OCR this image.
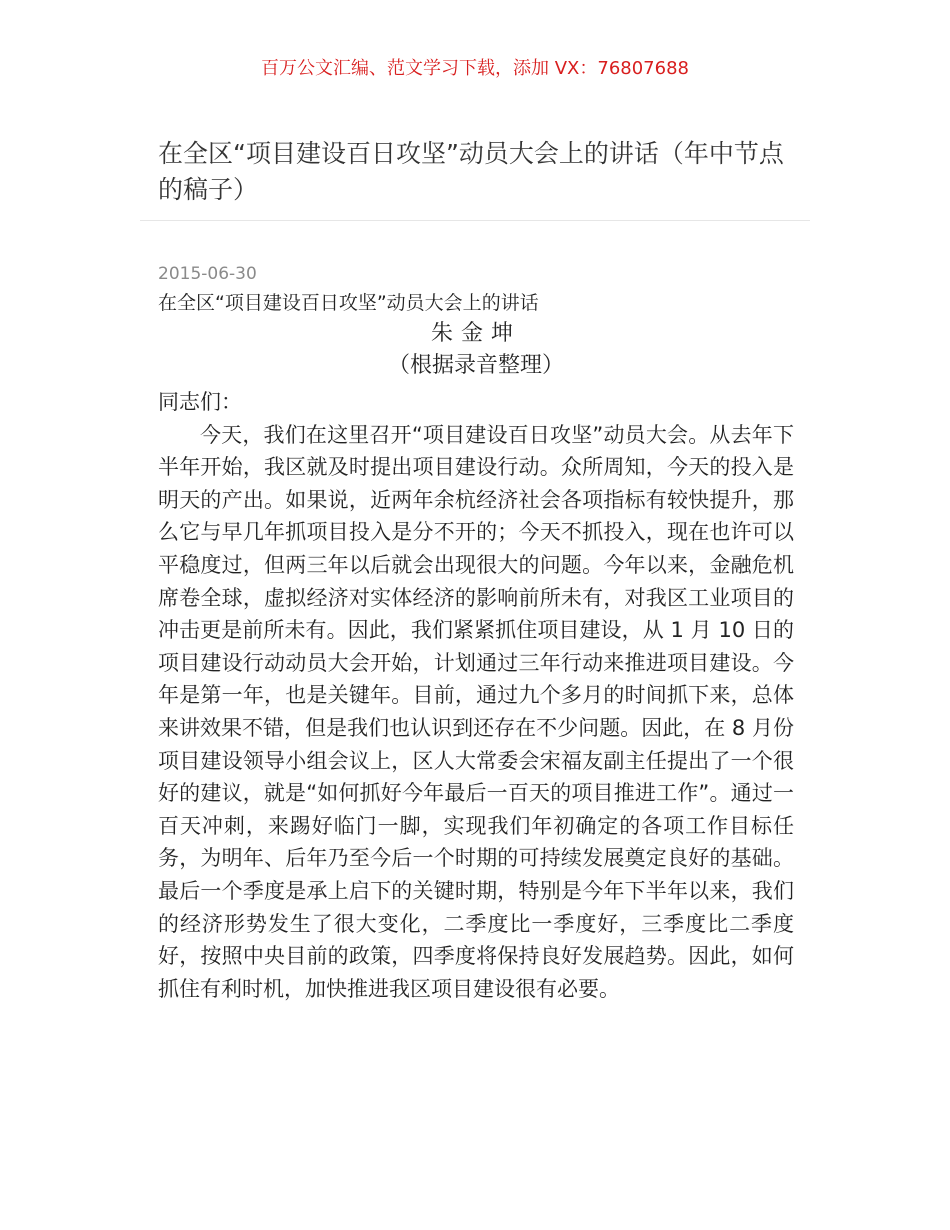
百万公文汇编、范文学习下载，添加 VX：76807688
在全区“项目建设百日攻坚”动员大会上的讲话（年中节点的稿子）
2015-06-30
在全区“项目建设百日攻坚”动员大会上的讲话
朱金坤
（根据录音整理）
同志们：

今天，我们在这里召开“项目建设百日攻坚”动员大会。从去年下半年开始，我区就及时提出项目建设行动。众所周知，今天的投入是明天的产出。如果说，近两年余杭经济社会各项指标有较快提升，那么它与早几年抓项目投入是分不开的；今天不抓投入，现在也许可以平稳度过，但两三年以后就会出现很大的问题。今年以来，金融危机席卷全球，虚拟经济对实体经济的影响前所未有，对我区工业项目的冲击更是前所未有。因此，我们紧紧抓住项目建设，从 1 月 10 日的项目建设行动动员大会开始，计划通过三年行动来推进项目建设。今年是第一年，也是关键年。目前，通过九个多月的时间抓下来，总体来讲效果不错，但是我们也认识到还存在不少问题。因此，在 8 月份项目建设领导小组会议上，区人大常委会宋福友副主任提出了一个很好的建议，就是“如何抓好今年最后一百天的项目推进工作”。通过一百天冲刺，来踢好临门一脚，实现我们年初确定的各项工作目标任务，为明年、后年乃至今后一个时期的可持续发展奠定良好的基础。最后一个季度是承上启下的关键时期，特别是今年下半年以来，我们的经济形势发生了很大变化，二季度比一季度好，三季度比二季度好，按照中央目前的政策，四季度将保持良好发展趋势。因此，如何抓住有利时机，加快推进我区项目建设很有必要。
